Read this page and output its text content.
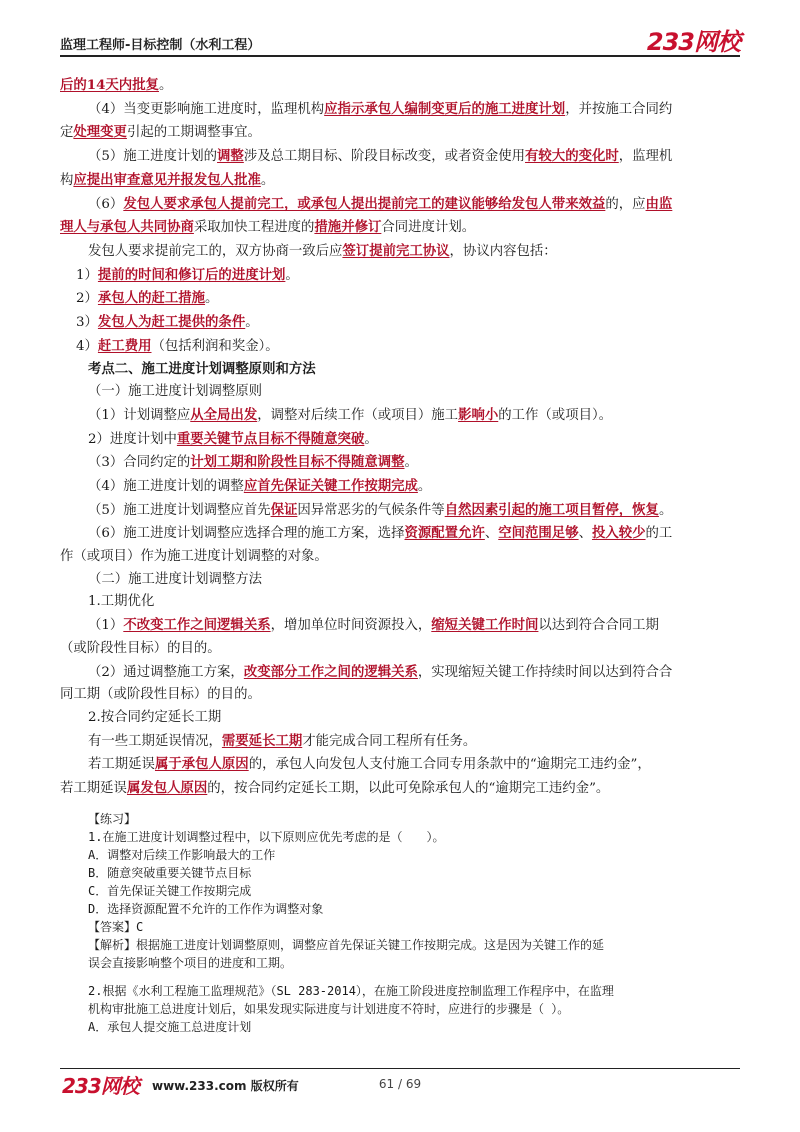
监理工程师-目标控制（水利工程）	233网校
后的14天内批复。
（4）当变更影响施工进度时，监理机构应指示承包人编制变更后的施工进度计划，并按施工合同约
定处理变更引起的工期调整事宜。
（5）施工进度计划的调整涉及总工期目标、阶段目标改变，或者资金使用有较大的变化时，监理机
构应提出审查意见并报发包人批准。
（6）发包人要求承包人提前完工，或承包人提出提前完工的建议能够给发包人带来效益的，应由监
理人与承包人共同协商采取加快工程进度的措施并修订合同进度计划。
发包人要求提前完工的，双方协商一致后应签订提前完工协议，协议内容包括：
1）提前的时间和修订后的进度计划。
2）承包人的赶工措施。
3）发包人为赶工提供的条件。
4）赶工费用（包括利润和奖金）。
考点二、施工进度计划调整原则和方法
（一）施工进度计划调整原则
（1）计划调整应从全局出发，调整对后续工作（或项目）施工影响小的工作（或项目）。
2）进度计划中重要关键节点目标不得随意突破。
（3）合同约定的计划工期和阶段性目标不得随意调整。
（4）施工进度计划的调整应首先保证关键工作按期完成。
（5）施工进度计划调整应首先保证因异常恶劣的气候条件等自然因素引起的施工项目暂停，恢复。
（6）施工进度计划调整应选择合理的施工方案，选择资源配置允许、空间范围足够、投入较少的工
作（或项目）作为施工进度计划调整的对象。
（二）施工进度计划调整方法
1.工期优化
（1）不改变工作之间逻辑关系，增加单位时间资源投入，缩短关键工作时间以达到符合合同工期
（或阶段性目标）的目的。
（2）通过调整施工方案，改变部分工作之间的逻辑关系，实现缩短关键工作持续时间以达到符合合
同工期（或阶段性目标）的目的。
2.按合同约定延长工期
有一些工期延误情况，需要延长工期才能完成合同工程所有任务。
若工期延误属于承包人原因的，承包人向发包人支付施工合同专用条款中的“逾期完工违约金”，
若工期延误属发包人原因的，按合同约定延长工期，以此可免除承包人的“逾期完工违约金”。
【练习】
1.在施工进度计划调整过程中，以下原则应优先考虑的是（　　）。
A．调整对后续工作影响最大的工作
B．随意突破重要关键节点目标
C．首先保证关键工作按期完成
D．选择资源配置不允许的工作作为调整对象
【答案】C
【解析】根据施工进度计划调整原则，调整应首先保证关键工作按期完成。这是因为关键工作的延
误会直接影响整个项目的进度和工期。
2.根据《水利工程施工监理规范》（SL 283-2014），在施工阶段进度控制监理工作程序中，在监理
机构审批施工总进度计划后，如果发现实际进度与计划进度不符时，应进行的步骤是（ ）。
A．承包人提交施工总进度计划
233网校 www.233.com 版权所有	61 / 69
